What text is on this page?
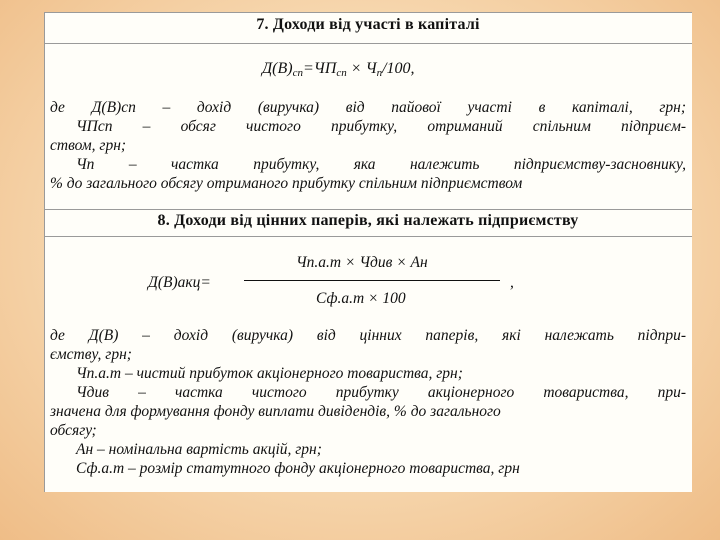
7. Доходи від участі в капіталі
$Д(В)_{сп}=ЧП_{сп} \times Ч_п/100$,
де Д(В)сп – дохід (виручка) від пайової участі в капіталі, грн;
ЧПсп – обсяг чистого прибутку, отриманий спільним підприєм-
ством, грн;
Чп – частка прибутку, яка належить підприємству-засновнику,
% до загального обсягу отриманого прибутку спільним підприємством
8. Доходи від цінних паперів, які належать підприємству
Д(В)акц=
Чп.а.т × Чдив × Ан
Сф.а.т × 100
,
де Д(В) – дохід (виручка) від цінних паперів, які належать підпри-
ємству, грн;
Чп.а.т – чистий прибуток акціонерного товариства, грн;
Чдив – частка чистого прибутку акціонерного товариства, при-
значена для формування фонду виплати дивідендів, % до загального
обсягу;
Ан – номінальна вартість акцій, грн;
Сф.а.т – розмір статутного фонду акціонерного товариства, грн
